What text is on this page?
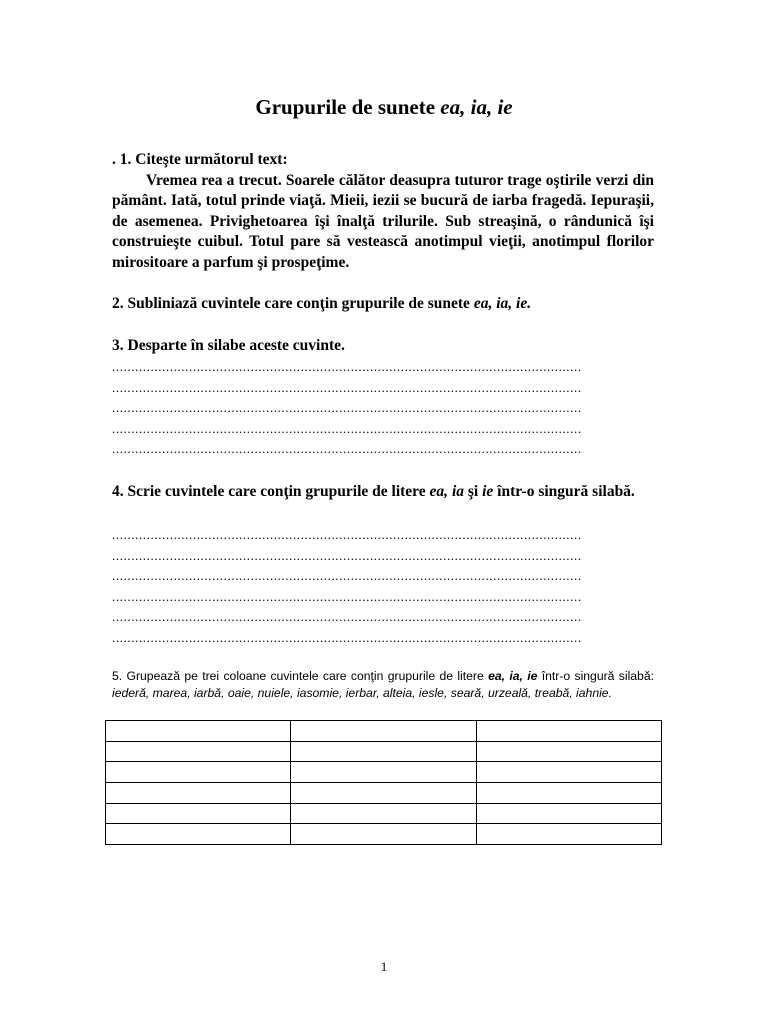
Grupurile de sunete ea, ia, ie
. 1. Citeşte următorul text:
Vremea rea a trecut. Soarele călător deasupra tuturor trage oştirile verzi din pământ. Iată, totul prinde viaţă. Mieii, iezii se bucură de iarba fragedă. Iepuraşii, de asemenea. Privighetoarea îşi înalţă trilurile. Sub streaşină, o rândunică îşi construieşte cuibul. Totul pare să vestească anotimpul vieţii, anotimpul florilor mirositoare a parfum şi prospeţime.
2. Subliniază cuvintele care conţin grupurile de sunete ea, ia, ie.
3. Desparte în silabe aceste cuvinte.
..........................................................................................................................
..........................................................................................................................
..........................................................................................................................
..........................................................................................................................
..........................................................................................................................
4. Scrie cuvintele care conţin grupurile de litere ea, ia şi ie într-o singură silabă.
..........................................................................................................................
..........................................................................................................................
..........................................................................................................................
..........................................................................................................................
..........................................................................................................................
..........................................................................................................................
5. Grupează pe trei coloane cuvintele care conţin grupurile de litere ea, ia, ie într-o singură silabă: iederă, marea, iarbă, oaie, nuiele, iasomie, ierbar, alteia, iesle, seară, urzeală, treabă, iahnie.

1
